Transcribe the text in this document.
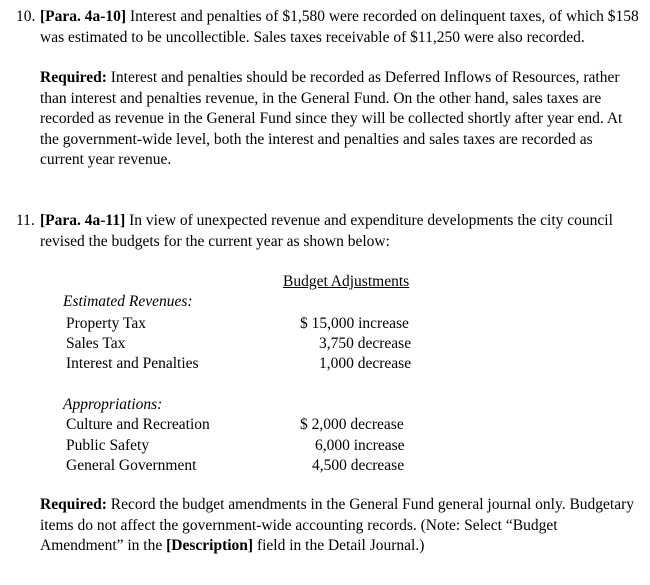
10. [Para. 4a-10] Interest and penalties of $1,580 were recorded on delinquent taxes, of which $158 was estimated to be uncollectible. Sales taxes receivable of $11,250 were also recorded.

Required: Interest and penalties should be recorded as Deferred Inflows of Resources, rather than interest and penalties revenue, in the General Fund. On the other hand, sales taxes are recorded as revenue in the General Fund since they will be collected shortly after year end. At the government-wide level, both the interest and penalties and sales taxes are recorded as current year revenue.

11. [Para. 4a-11] In view of unexpected revenue and expenditure developments the city council revised the budgets for the current year as shown below:

Budget Adjustments
Estimated Revenues:
Property Tax	$ 15,000 increase
Sales Tax	3,750 decrease
Interest and Penalties	1,000 decrease
Appropriations:
Culture and Recreation	$ 2,000 decrease
Public Safety	6,000 increase
General Government	4,500 decrease

Required: Record the budget amendments in the General Fund general journal only. Budgetary items do not affect the government-wide accounting records. (Note: Select “Budget Amendment” in the [Description] field in the Detail Journal.)
